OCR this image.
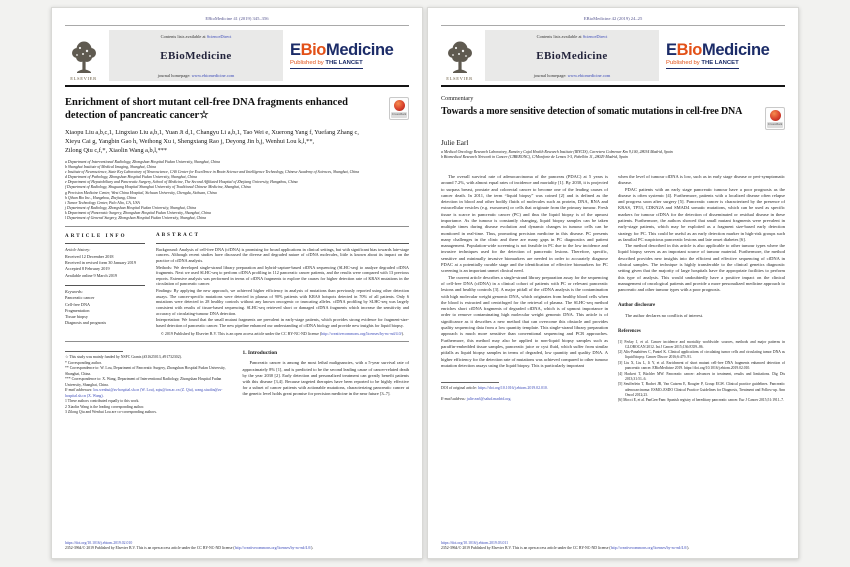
EBioMedicine 41 (2019) 345–356
ELSEVIER
Contents lists available at ScienceDirect
EBioMedicine
journal homepage: www.ebiomedicine.com
EBioMedicine
Published by THE LANCET
Enrichment of short mutant cell-free DNA fragments enhanced detection of pancreatic cancer☆	CrossMark
Xiaopu Liu a,b,c,1, Lingxiao Liu a,b,1, Yuan Ji d,1, Changyu Li a,b,1, Tao Wei e, Xuerong Yang f, Yuefang Zhang c,
Xieyu Cai g, Yangbin Gao h, Weihong Xu i, Shengxiang Rao j, Deyong Jin b,j, Wenhui Lou k,l,**,
Zilong Qiu c,f,*, Xiaolin Wang a,b,l,***
a Department of Interventional Radiology, Zhongshan Hospital Fudan University, Shanghai, China
b Shanghai Institute of Medical Imaging, Shanghai, China
c Institute of Neuroscience, State Key Laboratory of Neuroscience, CAS Center for Excellence in Brain Science and Intelligence Technology, Chinese Academy of Sciences, Shanghai, China
d Department of Pathology, Zhongshan Hospital Fudan University, Shanghai, China
e Department of Hepatobiliary and Pancreatic Surgery, School of Medicine, The Second Affiliated Hospital of Zhejiang University, Hangzhou, China
f Department of Radiology, Shuguang Hospital Shanghai University of Traditional Chinese Medicine, Shanghai, China
g Precision Medicine Center, West China Hospital, Sichuan University, Chengdu, Sichuan, China
h Qihan Bio Inc., Hangzhou, Zhejiang, China
i Tumor Technology Center, Palo Alto, CA, USA
j Department of Radiology, Zhongshan Hospital Fudan University, Shanghai, China
k Department of Pancreatic Surgery, Zhongshan Hospital Fudan University, Shanghai, China
l Department of General Surgery, Zhongshan Hospital Fudan University, Shanghai, China
ARTICLE INFO
Article history:
Received 12 December 2018
Received in revised form 30 January 2019
Accepted 8 February 2019
Available online 9 March 2019
Keywords:
Pancreatic cancer
Cell-free DNA
Fragmentation
Tissue biopsy
Diagnosis and prognosis
ABSTRACT

Background: Analysis of cell-free DNA (cfDNA) is promising for broad applications in clinical settings, but with significant bias towards late-stage cancers. Although recent studies have discussed the diverse and degraded nature of cfDNA molecules, little is known about its impact on the practice of cfDNA analysis.

Methods: We developed single-strand library preparation and hybrid-capture-based cfDNA sequencing (SLHC-seq) to analyze degraded cfDNA fragments. Next we used SLHC-seq to perform cfDNA profiling in 112 pancreatic cancer patients, and the results were compared with 13 previous reports. Extensive analysis was performed in terms of cfDNA fragments to explore the causes for higher detection rate of KRAS mutations in the circulation of pancreatic cancer.

Findings: By applying the new approach, we achieved higher efficiency in analysis of mutations than previously reported using other detection assays. The cancer-specific mutations were detected in plasma of 90% patients with KRAS hotspots detected in 70% of all patients. Only 6 mutations were detected in 28 healthy controls without any known oncogenic or truncating alleles. cfDNA profiling by SLHC-seq was largely consistent with results of tissue-based sequencing. SLHC-seq retrieved short or damaged cfDNA fragments which increase the sensitivity and accuracy of circulating-tumour DNA detection.

Interpretation: We found that the small mutant fragments are prevalent in early-stage patients, which provides strong evidence for fragment-size-based detection of pancreatic cancer. The new pipeline enhanced our understanding of cfDNA biology and provide new insights for liquid biopsy.

© 2019 Published by Elsevier B.V. This is an open access article under the CC BY-NC-ND license (http://creativecommons.org/licenses/by-nc-nd/4.0/).
☆ This study was mainly funded by NSFC Grants (#31625013, #91732302).
* Corresponding author.
** Correspondence to: W. Lou, Department of Pancreatic Surgery, Zhongshan Hospital Fudan University, Shanghai, China.
*** Correspondence to: X. Wang, Department of Interventional Radiology, Zhongshan Hospital Fudan University, Shanghai, China.
E-mail addresses: lou.wenhui@zs-hospital.sh.cn (W. Lou), zqiu@ion.ac.cn (Z. Qiu), wang.xiaolin@zs-hospital.sh.cn (X. Wang).
1 These authors contributed equally to this work.
2 Xiaolin Wang is the leading corresponding author.
3 Zilong Qiu and Wenhui Lou are co-corresponding authors.
1. Introduction

Pancreatic cancer is among the most lethal malignancies, with a 5-year survival rate of approximately 8% [1], and is predicted to be the second leading cause of cancer-related death by the year 2030 [2]. Early detection and personalized treatment can greatly benefit patients with this disease [3,4]. Because targeted therapies have been reported to be highly effective for a subset of cancer patients with actionable mutations, characterizing pancreatic cancer at the genetic level holds great promise for precision medicine in the near future [3–7].

https://doi.org/10.1016/j.ebiom.2019.02.010
2352-3964/© 2019 Published by Elsevier B.V. This is an open access article under the CC BY-NC-ND license (http://creativecommons.org/licenses/by-nc-nd/4.0/).
EBioMedicine 42 (2019) 24–25
ELSEVIER
Contents lists available at ScienceDirect
EBioMedicine
journal homepage: www.ebiomedicine.com
EBioMedicine
Published by THE LANCET
Commentary
Towards a more sensitive detection of somatic mutations in cell-free DNA
CrossMark
Julie Earl
a Medical Oncology Research Laboratory, Ramón y Cajal Health Research Institute (IRYCIS), Carretera Colmenar Km 9,100, 28034 Madrid, Spain
b Biomedical Research Network in Cancer (CIBERONC), C/Monforte de Lemos 3-5, Pabellón 11, 28029 Madrid, Spain

The overall survival rate of adenocarcinoma of the pancreas (PDAC) at 5 years is around 7.2%, with almost equal rates of incidence and mortality [1]. By 2030, it is projected to surpass breast, prostate and colorectal cancer to become one of the leading causes of cancer death. In 2011, the term “liquid biopsy” was coined [2] and is defined as the detection in blood and other bodily fluids of molecules such as protein, DNA, RNA and extracellular vesicles (e.g. exosomes) or cells that originate from the primary tumour. Fresh tissue is scarce in pancreatic cancer (PC) and thus the liquid biopsy is of the upmost importance. As the tumour is constantly changing, liquid biopsy samples can be taken multiple times during disease evolution and dynamic changes in tumour cells can be monitored in real-time. Thus, promoting precision medicine in this disease. PC presents many challenges in the clinic and there are many gaps in PC diagnostics and patient management. Population-wide screening is not feasible in PC due to the low incidence and invasive techniques used for the detection of pancreatic lesions. Therefore, specific, sensitive and minimally invasive biomarkers are needed in order to accurately diagnose PDAC at a potentially curable stage and the identification of effective biomarkers for PC screening is an important unmet clinical need.

The current article describes a single-strand library preparation assay for the sequencing of cell-free DNA (cfDNA) in a clinical cohort of patients with PC or relevant pancreatic lesions and healthy controls [3]. A major pitfall of the cfDNA analysis is the contamination with high molecular weight genomic DNA, which originates from healthy blood cells when the blood is extracted and centrifuged for the retrieval of plasma. The SLHC-seq method enriches short cfDNA fragments of degraded cfDNA, which is of upmost importance in order to remove contaminating high molecular weight genomic DNA. This article is of significance as it describes a new method that can overcome this obstacle and provides quality sequencing data from a low quantity template. This single-strand library preparation approach is much more sensitive than conventional sequencing and PCR approaches. Furthermore, this method may also be applied to non-liquid biopsy samples such as paraffin-embedded tissue samples, pancreatic juice or cyst fluid, which suffer from similar pitfalls as liquid biopsy samples in terms of degraded, low quantity and quality DNA. A higher efficiency for the detection rate of mutations was achieved compared to other tumour mutation detection assays using the liquid biopsy. This is particularly important

DOI of original article: https://doi.org/10.1016/j.ebiom.2019.02.010.
E-mail address: julie.earl@salud.madrid.org.

when the level of tumour cfDNA is low, such as in early stage disease or peri-symptomatic disease.

PDAC patients with an early stage pancreatic tumour have a poor prognosis as the disease is often systemic [4]. Furthermore, patients with a localized disease often relapse and progress soon after surgery [5]. Pancreatic cancer is characterized by the presence of KRAS, TP53, CDKN2A and SMAD4 somatic mutations, which can be used as specific markers for tumour cfDNA for the detection of disseminated or residual disease in these patients. Furthermore, the authors showed that small mutant fragments were prevalent in early-stage patients, which may be exploited as a fragment size-based early detection strategy for PC. This could be useful as an early detection marker in high-risk groups such as familial PC suspicious pancreatic lesions and late onset diabetes [6].

The method described in this article is also applicable to other tumour types where the liquid biopsy serves as an important source of tumour material. Furthermore, the method described provides new insights into the efficient and effective sequencing of cfDNA in clinical samples. The technique is highly transferable to the clinical genetics diagnostic setting given that the majority of large hospitals have the appropriate facilities to perform this type of analysis. This would undoubtedly have a positive impact on the clinical management of oncological patients and provide a more personalized medicine approach to pancreatic and other tumour types with a poor prognosis.

Author disclosure
The author declares no conflicts of interest.
References
[1] Ferlay J, et al. Cancer incidence and mortality worldwide: sources, methods and major patterns in GLOBOCAN 2012. Int J Cancer 2015;136:E359–86.
[2] Alix-Panabières C, Pantel K. Clinical applications of circulating tumor cells and circulating tumor DNA as liquid biopsy. Cancer Discov 2016;6:479–91.
[3] Liu X, Liu L, Ji Y, et al. Enrichment of short mutant cell-free DNA fragments enhanced detection of pancreatic cancer. EBioMedicine 2019. https://doi.org/10.1016/j.ebiom.2019.02.010.
[4] Hackert T, Büchler MW. Pancreatic cancer: advances in treatment, results and limitations. Dig Dis 2013;31:51–6.
[5] Seufferlein T, Bachet JB, Van Cutsem E, Rougier P, Group EGW. Clinical practice guidelines. Pancreatic adenocarcinoma: ESMO–ESDO Clinical Practice Guidelines for Diagnosis, Treatment and Follow-up. Ann Oncol 2012;23.
[6] Mocci E, et al. PanGen-Fam: Spanish registry of hereditary pancreatic cancer. Eur J Cancer 2015;51:1911–7.
https://doi.org/10.1016/j.ebiom.2019.03.011
2352-3964/© 2019 Published by Elsevier B.V. This is an open access article under the CC BY-NC-ND license (http://creativecommons.org/licenses/by-nc-nd/4.0/).
